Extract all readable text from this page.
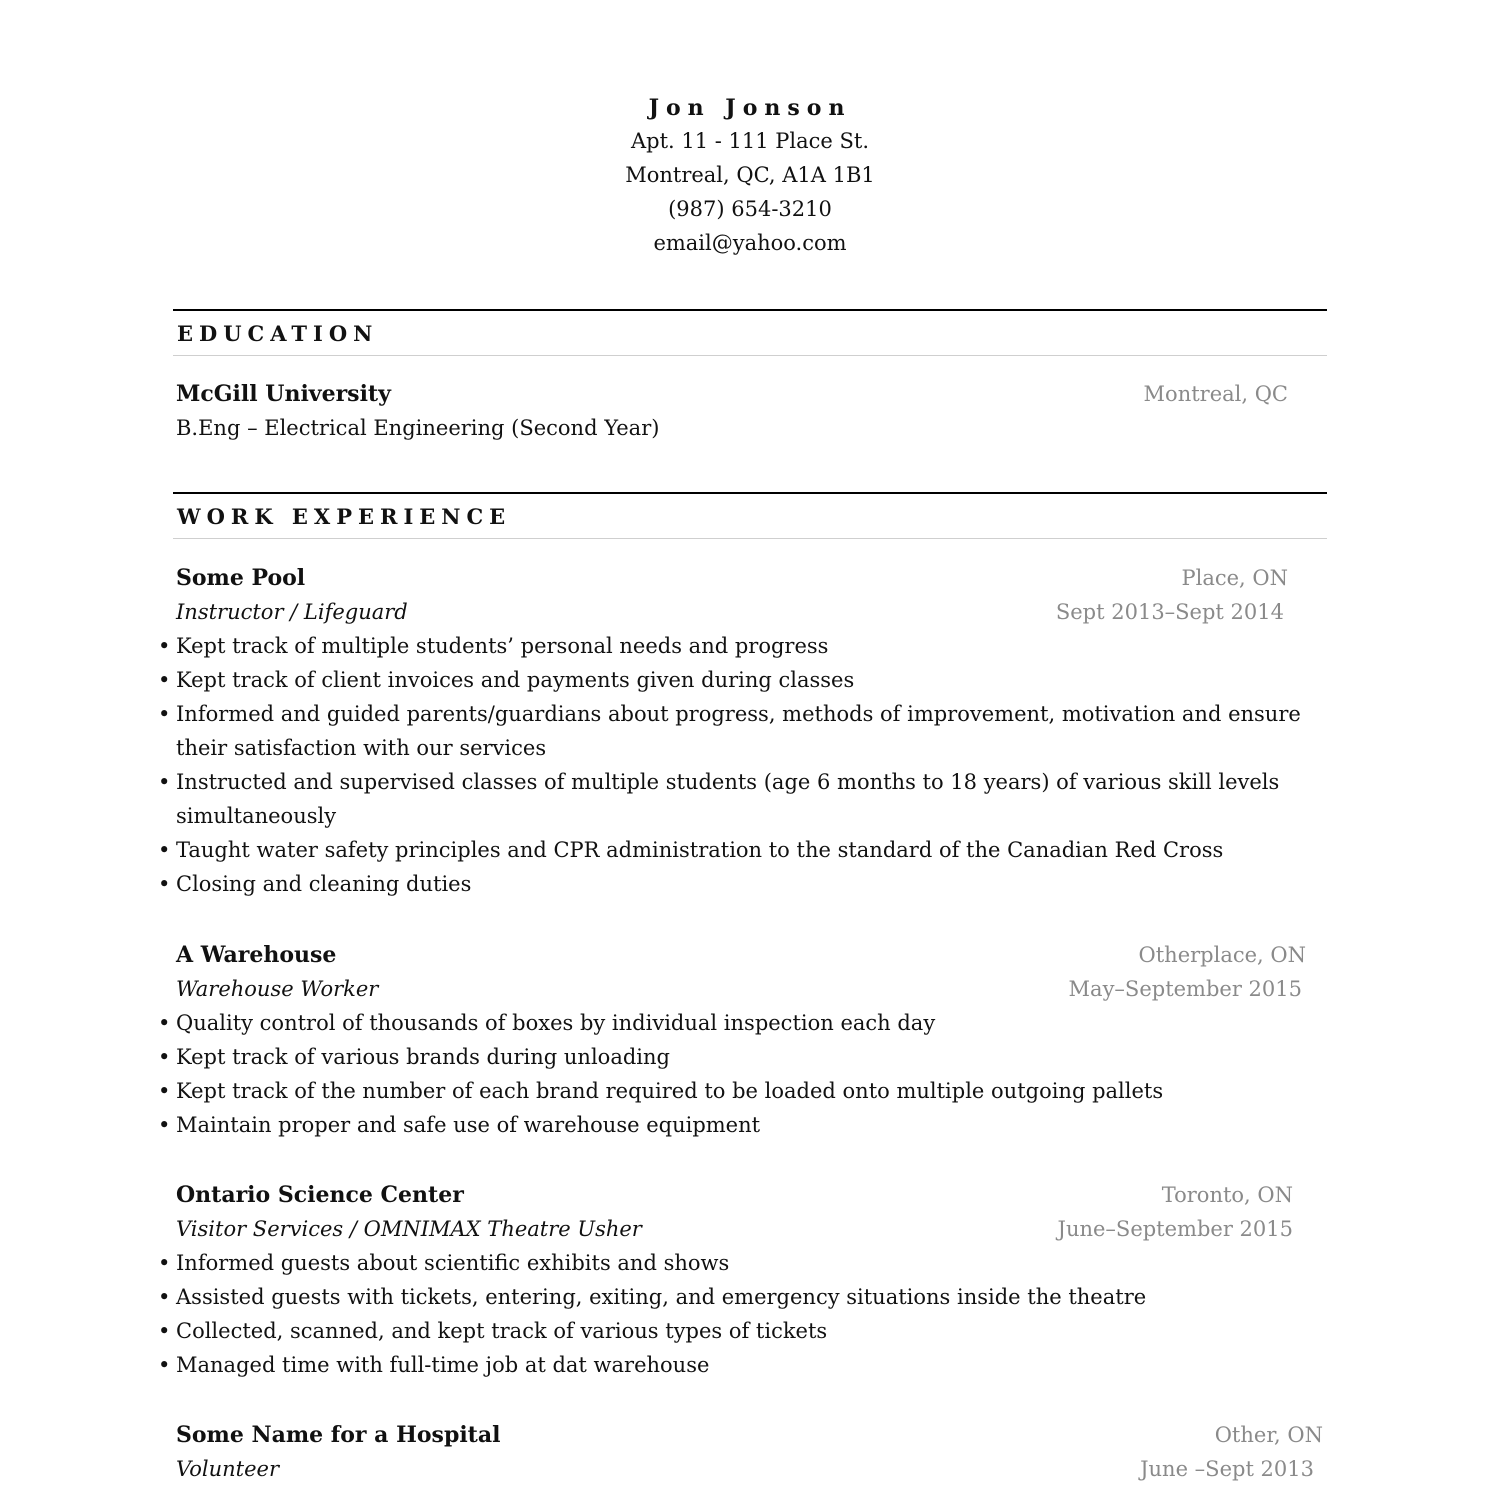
Jon Jonson
Apt. 11 - 111 Place St.
Montreal, QC, A1A 1B1
(987) 654-3210
email@yahoo.com
EDUCATION
McGill University	Montreal, QC
B.Eng – Electrical Engineering (Second Year)
WORK EXPERIENCE
Some Pool	Place, ON
Instructor / Lifeguard	Sept 2013–Sept 2014
• Kept track of multiple students’ personal needs and progress
• Kept track of client invoices and payments given during classes
• Informed and guided parents/guardians about progress, methods of improvement, motivation and ensure their satisfaction with our services
• Instructed and supervised classes of multiple students (age 6 months to 18 years) of various skill levels simultaneously
• Taught water safety principles and CPR administration to the standard of the Canadian Red Cross
• Closing and cleaning duties
A Warehouse	Otherplace, ON
Warehouse Worker	May–September 2015
• Quality control of thousands of boxes by individual inspection each day
• Kept track of various brands during unloading
• Kept track of the number of each brand required to be loaded onto multiple outgoing pallets
• Maintain proper and safe use of warehouse equipment
Ontario Science Center	Toronto, ON
Visitor Services / OMNIMAX Theatre Usher	June–September 2015
• Informed guests about scientific exhibits and shows
• Assisted guests with tickets, entering, exiting, and emergency situations inside the theatre
• Collected, scanned, and kept track of various types of tickets
• Managed time with full-time job at dat warehouse
Some Name for a Hospital	Other, ON
Volunteer	June –Sept 2013
